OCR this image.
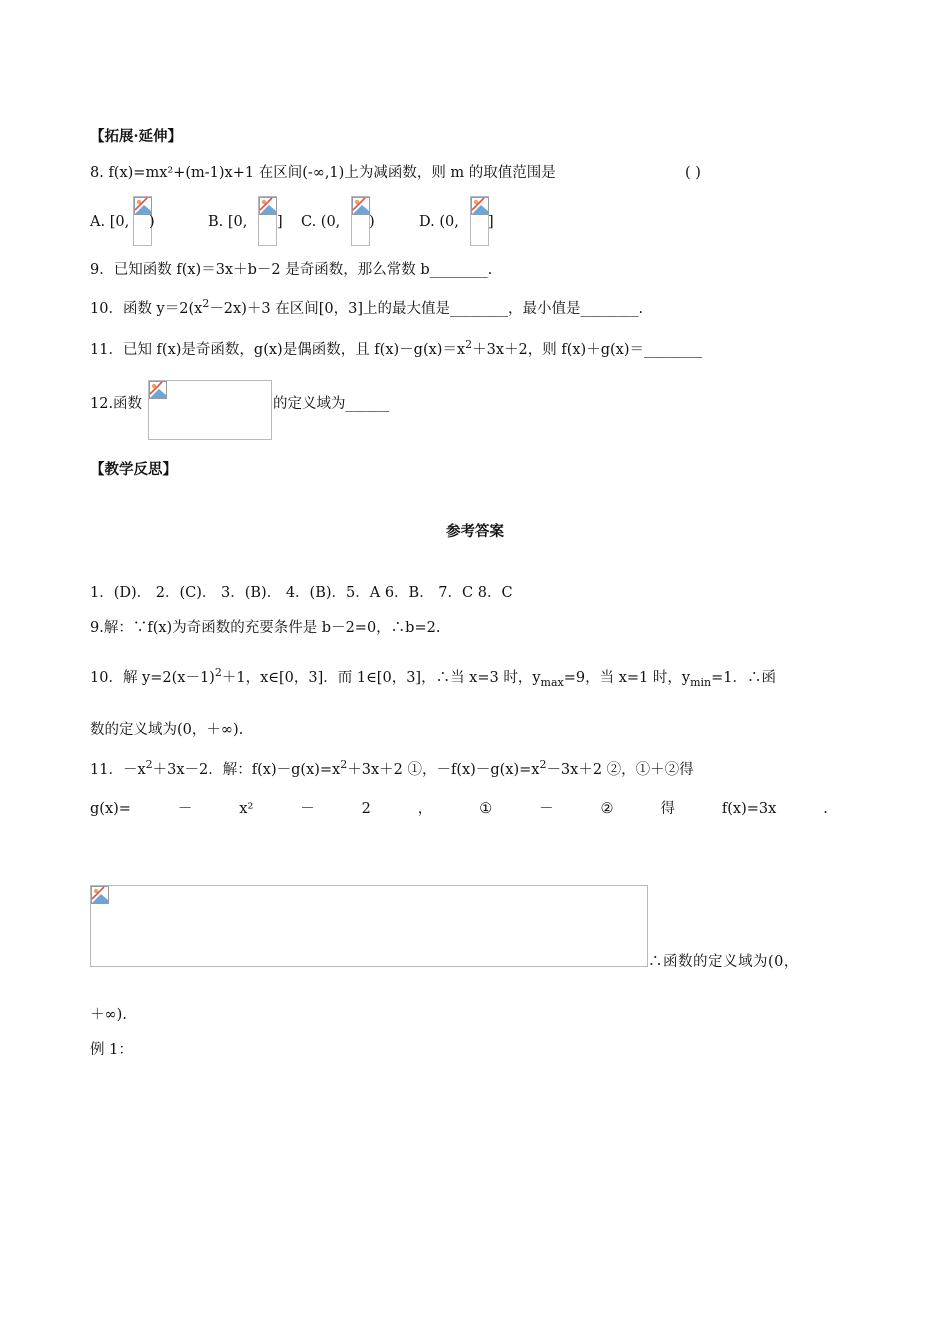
【拓展·延伸】
8. f(x)=mx²+(m-1)x+1 在区间(-∞,1)上为减函数，则 m 的取值范围是	( )
A. [0, )	B. [0, ] C. (0, )	D. (0, ]
9．已知函数 f(x)＝3x＋b－2 是奇函数，那么常数 b________.
10．函数 $y=2(x^2-2x)+3$ 在区间[0，3]上的最大值是________，最小值是________.
11．已知 f(x)是奇函数，g(x)是偶函数，且 $f(x)-g(x)=x^2+3x+2$，则 f(x)＋g(x)＝________
12.函数	的定义域为______
【教学反思】
参考答案
1．(D)． 2．(C)． 3．(B)． 4．(B)．5．A 6．B． 7．C 8．C
9.解：∵f(x)为奇函数的充要条件是 b－2=0，∴b=2.
10．解 $y=2(x-1)^2+1$，x∈[0，3]．而 1∈[0，3]，∴当 x=3 时，$y_{max}=9$，当 x=1 时，$y_{min}=1$．∴函
数的定义域为(0，＋∞).
11．$-x^2+3x-2$．解：$f(x)-g(x)=x^2+3x+2$ ①，$-f(x)-g(x)=x^2-3x+2$ ②，①＋②得
g(x)=	－	x²	－	2	，	①	－	②	得	f(x)=3x	.
∴函数的定义域为(0，
＋∞).
例 1：
